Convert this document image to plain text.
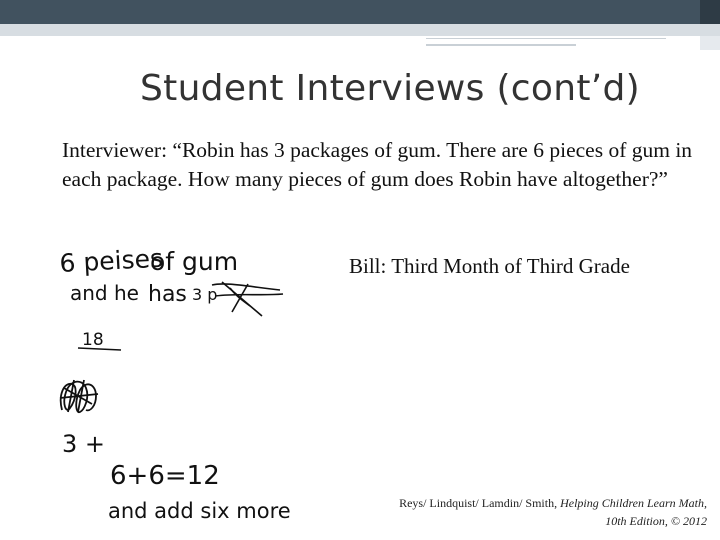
Student Interviews (cont’d)
Interviewer: “Robin has 3 packages of gum. There are 6 pieces of gum in each package. How many pieces of gum does Robin have altogether?”
Bill: Third Month of Third Grade
6 peises
of gum
and he has 3 p
18
3 +
6+6=12
and add six more	Reys/ Lindquist/ Lamdin/ Smith, Helping Children Learn Math,
10th Edition, © 2012
